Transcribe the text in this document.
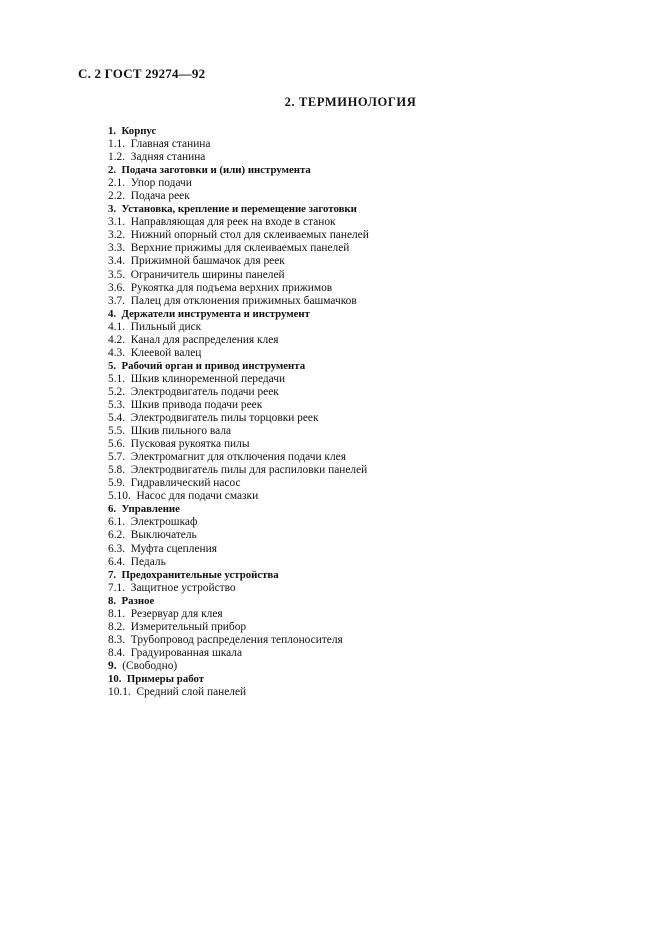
С. 2 ГОСТ 29274—92
2. ТЕРМИНОЛОГИЯ
1. Корпус
1.1. Главная станина
1.2. Задняя станина
2. Подача заготовки и (или) инструмента
2.1. Упор подачи
2.2. Подача реек
3. Установка, крепление и перемещение заготовки
3.1. Направляющая для реек на входе в станок
3.2. Нижний опорный стол для склеиваемых панелей
3.3. Верхние прижимы для склеиваемых панелей
3.4. Прижимной башмачок для реек
3.5. Ограничитель ширины панелей
3.6. Рукоятка для подъема верхних прижимов
3.7. Палец для отклонения прижимных башмачков
4. Держатели инструмента и инструмент
4.1. Пильный диск
4.2. Канал для распределения клея
4.3. Клеевой валец
5. Рабочий орган и привод инструмента
5.1. Шкив клиноременной передачи
5.2. Электродвигатель подачи реек
5.3. Шкив привода подачи реек
5.4. Электродвигатель пилы торцовки реек
5.5. Шкив пильного вала
5.6. Пусковая рукоятка пилы
5.7. Электромагнит для отключения подачи клея
5.8. Электродвигатель пилы для распиловки панелей
5.9. Гидравлический насос
5.10. Насос для подачи смазки
6. Управление
6.1. Электрошкаф
6.2. Выключатель
6.3. Муфта сцепления
6.4. Педаль
7. Предохранительные устройства
7.1. Защитное устройство
8. Разное
8.1. Резервуар для клея
8.2. Измерительный прибор
8.3. Трубопровод распределения теплоносителя
8.4. Градуированная шкала
9. (Свободно)
10. Примеры работ
10.1. Средний слой панелей
